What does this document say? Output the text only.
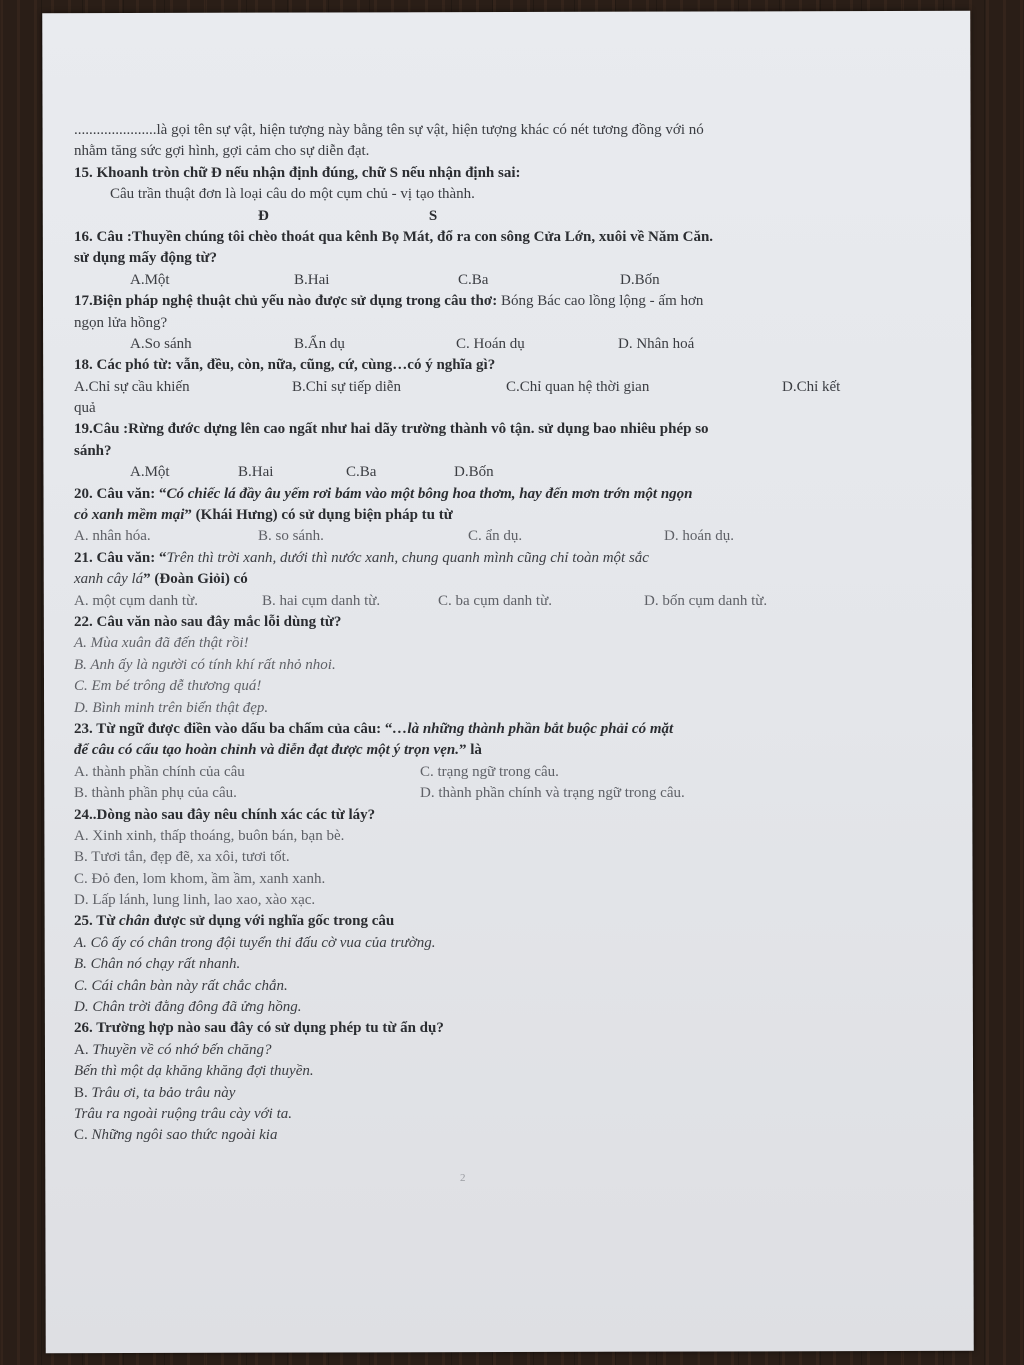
......................là gọi tên sự vật, hiện tượng này bằng tên sự vật, hiện tượng khác có nét tương đồng với nó
nhằm tăng sức gợi hình, gợi cảm cho sự diễn đạt.
15. Khoanh tròn chữ Đ nếu nhận định đúng, chữ S nếu nhận định sai:
Câu trần thuật đơn là loại câu do một cụm chủ - vị tạo thành.
Đ	S
16. Câu :Thuyền chúng tôi chèo thoát qua kênh Bọ Mát, đổ ra con sông Cửa Lớn, xuôi về Năm Căn.
sử dụng mấy động từ?
A.Một	B.Hai	C.Ba	D.Bốn
17.Biện pháp nghệ thuật chủ yếu nào được sử dụng trong câu thơ: Bóng Bác cao lồng lộng - ấm hơn
ngọn lửa hồng?
A.So sánh	B.Ẩn dụ	C. Hoán dụ	D. Nhân hoá
18. Các phó từ: vẫn, đều, còn, nữa, cũng, cứ, cùng…có ý nghĩa gì?
A.Chỉ sự cầu khiến	B.Chỉ sự tiếp diễn	C.Chỉ quan hệ thời gian	D.Chỉ kết
quả
19.Câu :Rừng đước dựng lên cao ngất như hai dãy trường thành vô tận. sử dụng bao nhiêu phép so
sánh?
A.Một	B.Hai	C.Ba	D.Bốn
20. Câu văn: “Có chiếc lá đầy âu yếm rơi bám vào một bông hoa thơm, hay đến mơn trớn một ngọn
cỏ xanh mềm mại” (Khái Hưng) có sử dụng biện pháp tu từ
A. nhân hóa.	B. so sánh.	C. ẩn dụ.	D. hoán dụ.
21. Câu văn: “Trên thì trời xanh, dưới thì nước xanh, chung quanh mình cũng chỉ toàn một sắc
xanh cây lá” (Đoàn Giỏi) có
A. một cụm danh từ.	B. hai cụm danh từ.	C. ba cụm danh từ.	D. bốn cụm danh từ.
22. Câu văn nào sau đây mắc lỗi dùng từ?
A. Mùa xuân đã đến thật rồi!
B. Anh ấy là người có tính khí rất nhỏ nhoi.
C. Em bé trông dễ thương quá!
D. Bình minh trên biển thật đẹp.
23. Từ ngữ được điền vào dấu ba chấm của câu: “…là những thành phần bắt buộc phải có mặt
để câu có cấu tạo hoàn chỉnh và diễn đạt được một ý trọn vẹn.” là
A. thành phần chính của câu	C. trạng ngữ trong câu.
B. thành phần phụ của câu.	D. thành phần chính và trạng ngữ trong câu.
24..Dòng nào sau đây nêu chính xác các từ láy?
A. Xinh xinh, thấp thoáng, buôn bán, bạn bè.
B. Tươi tắn, đẹp đẽ, xa xôi, tươi tốt.
C. Đỏ đen, lom khom, ầm ầm, xanh xanh.
D. Lấp lánh, lung linh, lao xao, xào xạc.
25. Từ chân được sử dụng với nghĩa gốc trong câu
A. Cô ấy có chân trong đội tuyển thi đấu cờ vua của trường.
B. Chân nó chạy rất nhanh.
C. Cái chân bàn này rất chắc chắn.
D. Chân trời đằng đông đã ửng hồng.
26. Trường hợp nào sau đây có sử dụng phép tu từ ẩn dụ?
A. Thuyền về có nhớ bến chăng?
Bến thì một dạ khăng khăng đợi thuyền.
B. Trâu ơi, ta bảo trâu này
Trâu ra ngoài ruộng trâu cày với ta.
C. Những ngôi sao thức ngoài kia
2
